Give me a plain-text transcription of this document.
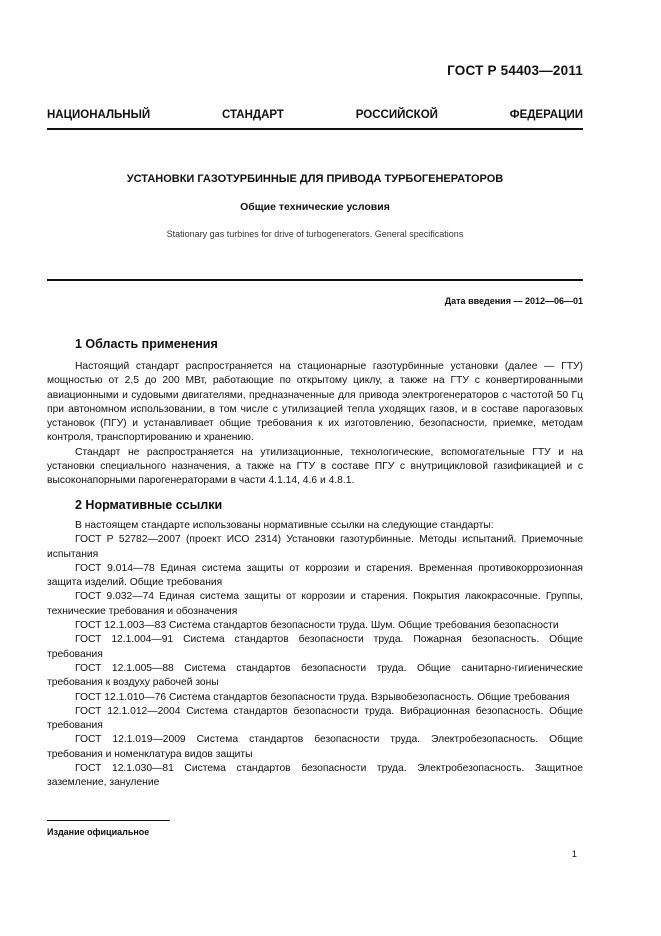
ГОСТ Р 54403—2011
НАЦИОНАЛЬНЫЙ СТАНДАРТ РОССИЙСКОЙ ФЕДЕРАЦИИ
УСТАНОВКИ ГАЗОТУРБИННЫЕ ДЛЯ ПРИВОДА ТУРБОГЕНЕРАТОРОВ
Общие технические условия
Stationary gas turbines for drive of turbogenerators. General specifications
Дата введения — 2012—06—01
1 Область применения

Настоящий стандарт распространяется на стационарные газотурбинные установки (далее — ГТУ) мощностью от 2,5 до 200 МВт, работающие по открытому циклу, а также на ГТУ с конвертированными авиационными и судовыми двигателями, предназначенные для привода электрогенераторов с частотой 50 Гц при автономном использовании, в том числе с утилизацией тепла уходящих газов, и в составе парогазовых установок (ПГУ) и устанавливает общие требования к их изготовлению, безопасности, приемке, методам контроля, транспортированию и хранению.

Стандарт не распространяется на утилизационные, технологические, вспомогательные ГТУ и на установки специального назначения, а также на ГТУ в составе ПГУ с внутрицикловой газификацией и с высоконапорными парогенераторами в части 4.1.14, 4.6 и 4.8.1.

2 Нормативные ссылки

В настоящем стандарте использованы нормативные ссылки на следующие стандарты:

ГОСТ Р 52782—2007 (проект ИСО 2314) Установки газотурбинные. Методы испытаний. Приемочные испытания

ГОСТ 9.014—78 Единая система защиты от коррозии и старения. Временная противокоррозионная защита изделий. Общие требования

ГОСТ 9.032—74 Единая система защиты от коррозии и старения. Покрытия лакокрасочные. Группы, технические требования и обозначения

ГОСТ 12.1.003—83 Система стандартов безопасности труда. Шум. Общие требования безопасности

ГОСТ 12.1.004—91 Система стандартов безопасности труда. Пожарная безопасность. Общие требования

ГОСТ 12.1.005—88 Система стандартов безопасности труда. Общие санитарно-гигиенические требования к воздуху рабочей зоны

ГОСТ 12.1.010—76 Система стандартов безопасности труда. Взрывобезопасность. Общие требования

ГОСТ 12.1.012—2004 Система стандартов безопасности труда. Вибрационная безопасность. Общие требования

ГОСТ 12.1.019—2009 Система стандартов безопасности труда. Электробезопасность. Общие требования и номенклатура видов защиты

ГОСТ 12.1.030—81 Система стандартов безопасности труда. Электробезопасность. Защитное заземление, зануление

Издание официальное
1
